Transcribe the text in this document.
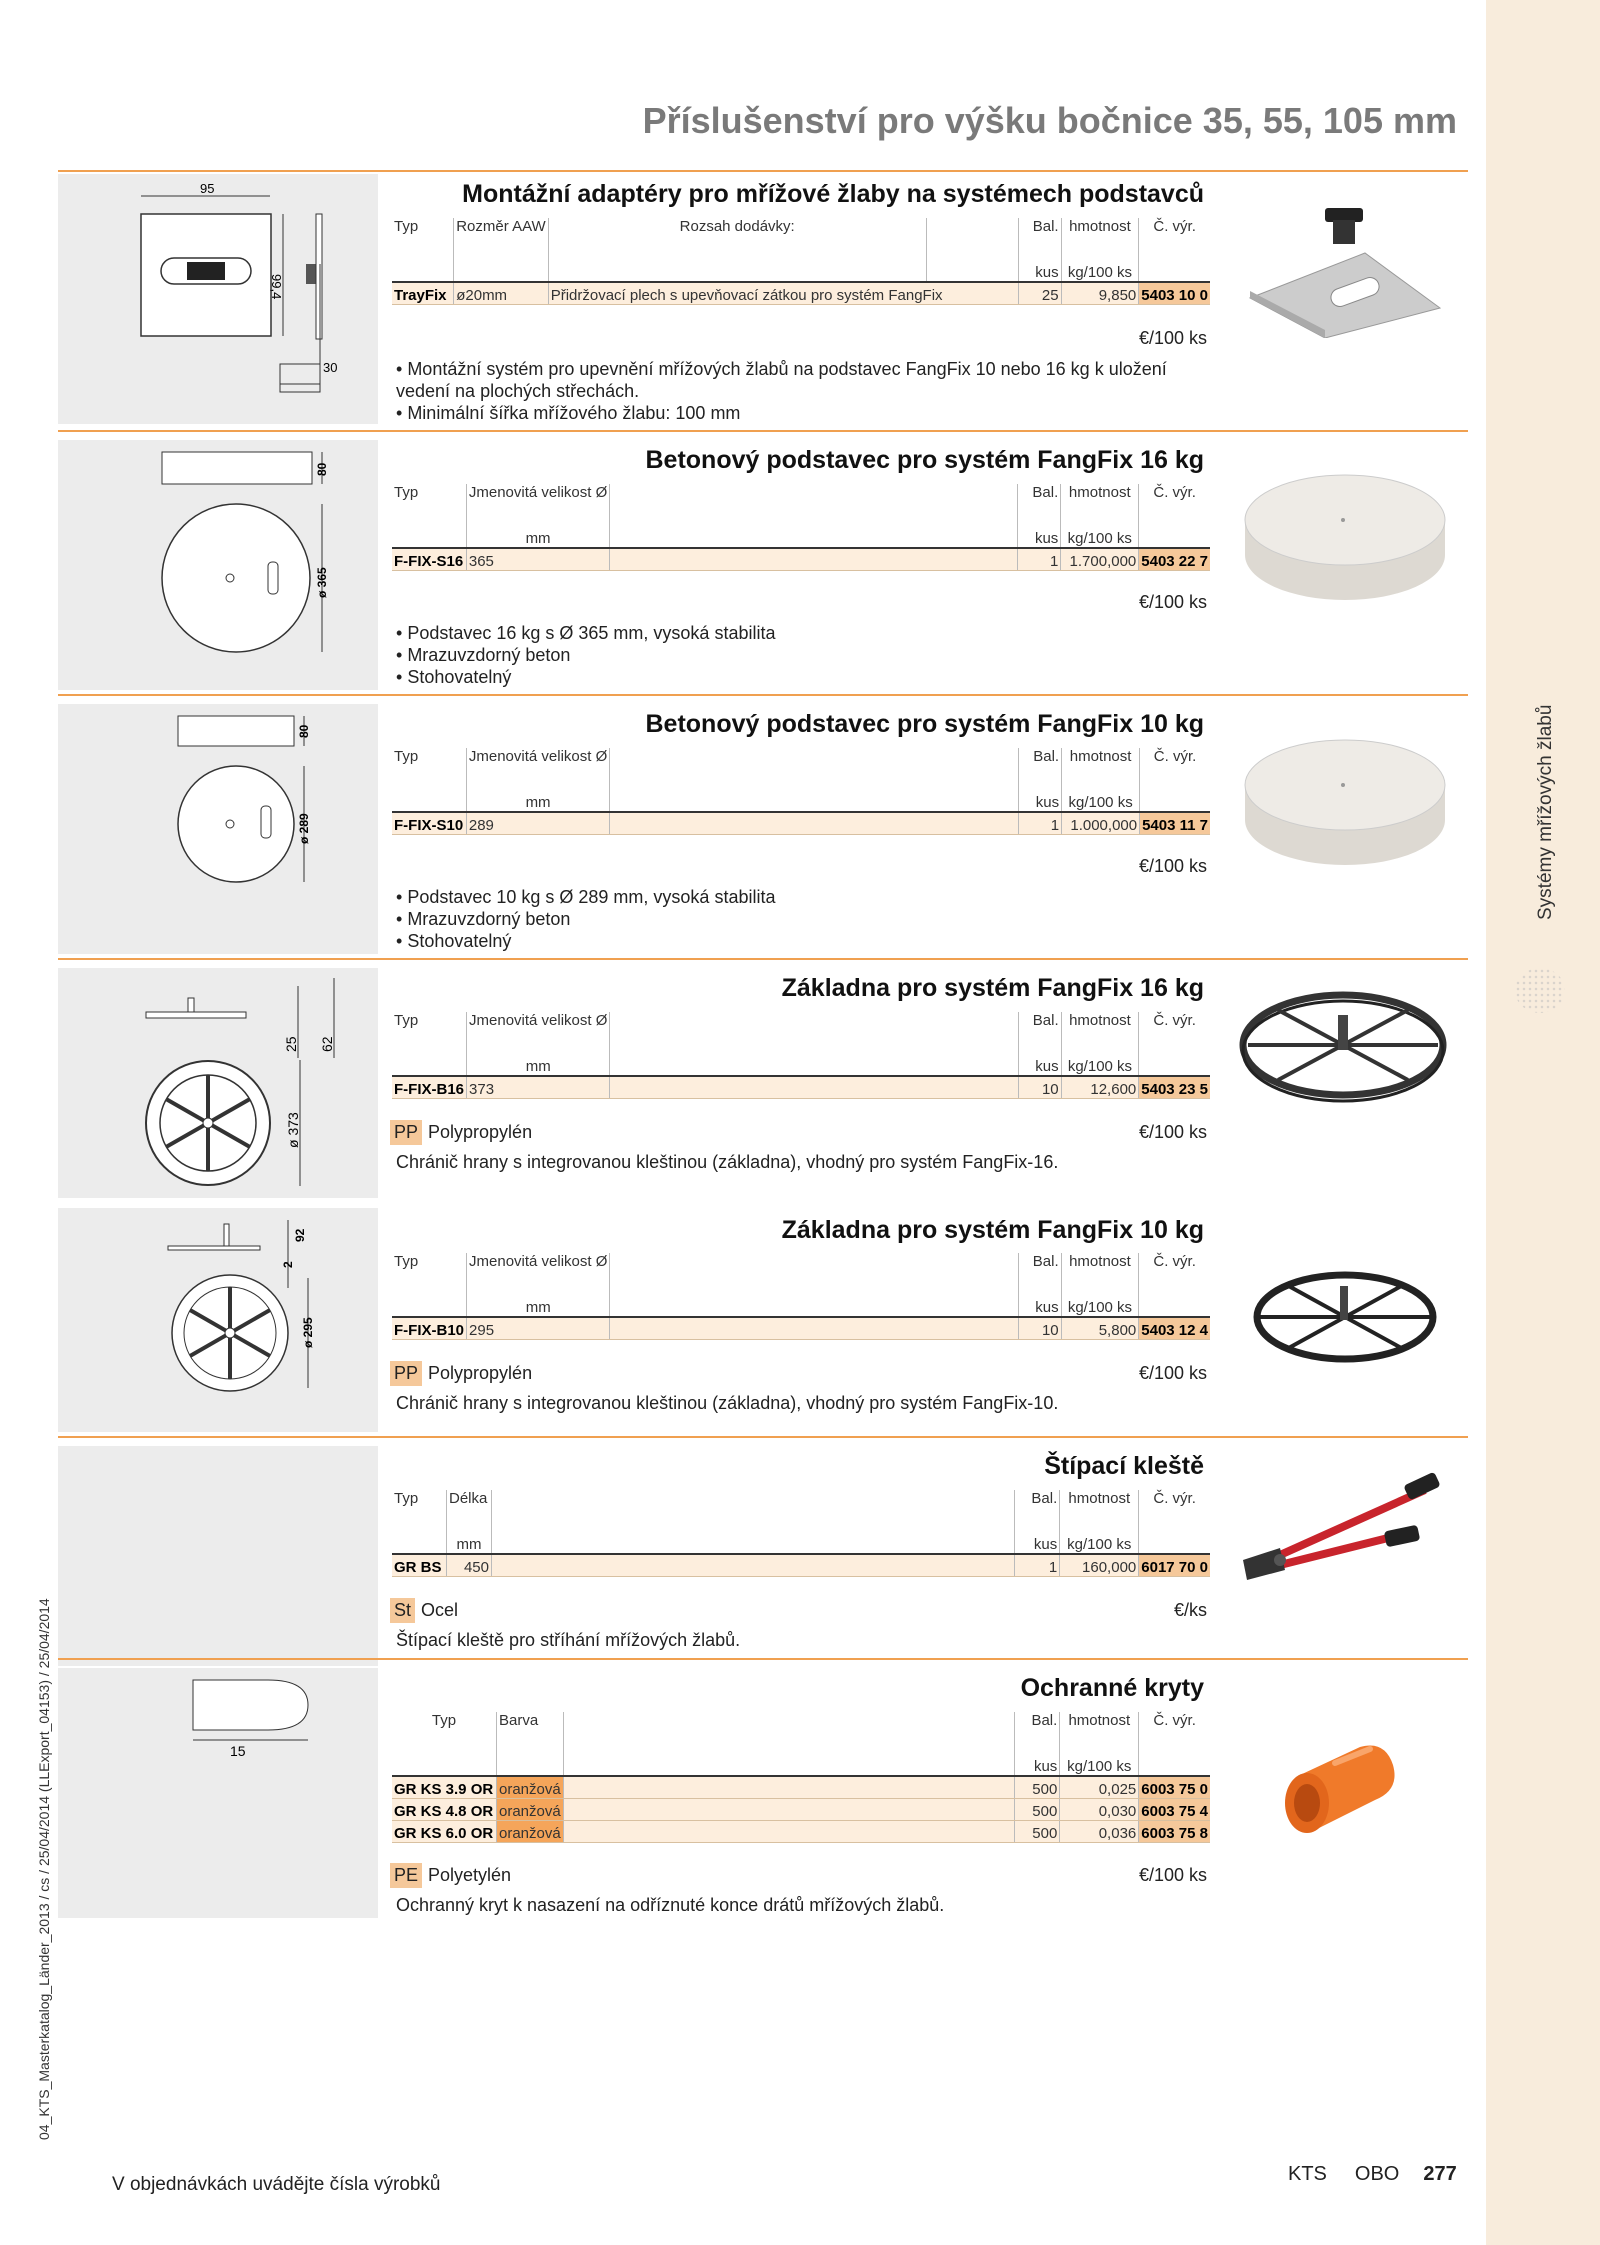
Systémy mřížových žlabů
04_KTS_Masterkatalog_Länder_2013 / cs / 25/04/2014 (LLExport_04153) / 25/04/2014
Příslušenství pro výšku bočnice 35, 55, 105 mm
95
99,4
30
Montážní adaptéry pro mřížové žlaby na systémech podstavců
Typ	Rozměr AAW	Rozsah dodávky:		Bal.	hmotnost	Č. výr.

				kus	kg/100 ks	
TrayFix	ø20mm	Přidržovací plech s upevňovací zátkou pro systém FangFix		25	9,850	5403 10 0
€/100 ks
• Montážní systém pro upevnění mřížových žlabů na podstavec FangFix 10 nebo 16 kg k uložení vedení na plochých střechách.
• Minimální šířka mřížového žlabu: 100 mm
80
ø 365
Betonový podstavec pro systém FangFix 16 kg
Typ	Jmenovitá velikost Ø		Bal.	hmotnost	Č. výr.

	mm		kus	kg/100 ks	
F-FIX-S16	365		1	1.700,000	5403 22 7
€/100 ks
• Podstavec 16 kg s Ø 365 mm, vysoká stabilita
• Mrazuvzdorný beton
• Stohovatelný
80
ø 289
Betonový podstavec pro systém FangFix 10 kg
Typ	Jmenovitá velikost Ø		Bal.	hmotnost	Č. výr.

	mm		kus	kg/100 ks	
F-FIX-S10	289		1	1.000,000	5403 11 7
€/100 ks
• Podstavec 10 kg s Ø 289 mm, vysoká stabilita
• Mrazuvzdorný beton
• Stohovatelný
25 62
ø 373
Základna pro systém FangFix 16 kg
Typ	Jmenovitá velikost Ø		Bal.	hmotnost	Č. výr.

	mm		kus	kg/100 ks	
F-FIX-B16	373		10	12,600	5403 23 5
PP Polypropylén	€/100 ks
Chránič hrany s integrovanou kleštinou (základna), vhodný pro systém FangFix-16.
92
2
ø 295
Základna pro systém FangFix 10 kg
Typ	Jmenovitá velikost Ø		Bal.	hmotnost	Č. výr.

	mm		kus	kg/100 ks	
F-FIX-B10	295		10	5,800	5403 12 4
PP Polypropylén	€/100 ks
Chránič hrany s integrovanou kleštinou (základna), vhodný pro systém FangFix-10.
Štípací kleště
Typ	Délka		Bal.	hmotnost	Č. výr.

	mm		kus	kg/100 ks	
GR BS	450		1	160,000	6017 70 0
St Ocel	€/ks
Štípací kleště pro stříhání mřížových žlabů.
15
Ochranné kryty
Typ	Barva		Bal.	hmotnost	Č. výr.

			kus	kg/100 ks	
GR KS 3.9 OR	oranžová		500	0,025	6003 75 0
GR KS 4.8 OR	oranžová		500	0,030	6003 75 4
GR KS 6.0 OR	oranžová		500	0,036	6003 75 8
PE Polyetylén	€/100 ks
Ochranný kryt k nasazení na odříznuté konce drátů mřížových žlabů.
V objednávkách uvádějte čísla výrobků	KTS OBO 277
